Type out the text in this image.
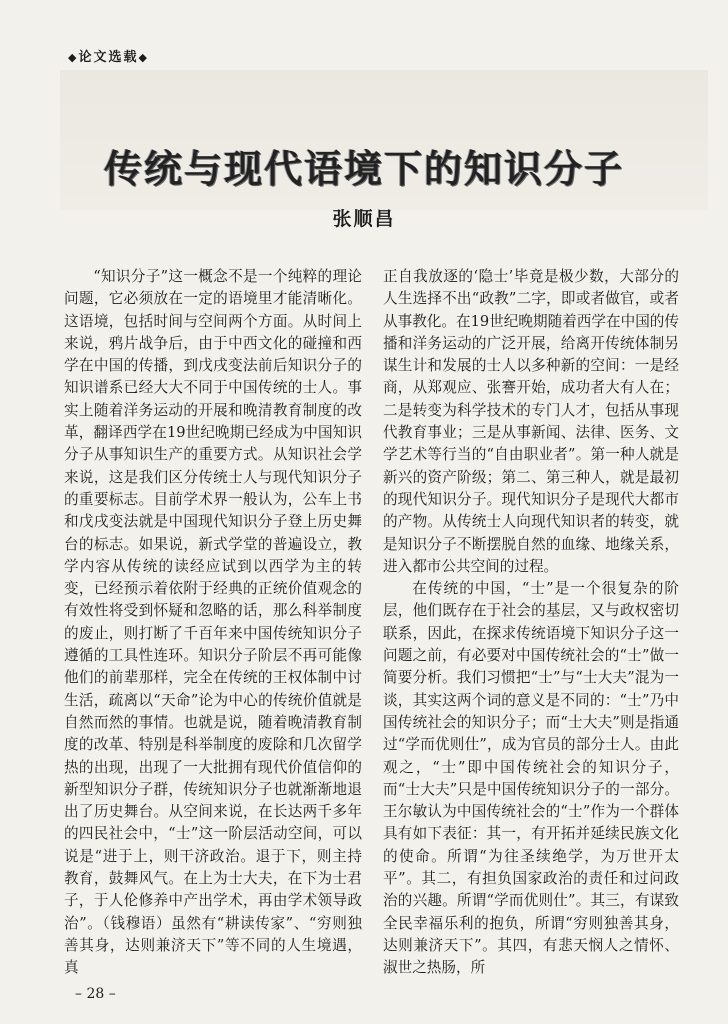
◆论文选载◆
传统与现代语境下的知识分子
张顺昌

“知识分子”这一概念不是一个纯粹的理论问题，它必须放在一定的语境里才能清晰化。这语境，包括时间与空间两个方面。从时间上来说，鸦片战争后，由于中西文化的碰撞和西学在中国的传播，到戊戌变法前后知识分子的知识谱系已经大大不同于中国传统的士人。事实上随着洋务运动的开展和晚清教育制度的改革，翻译西学在19世纪晚期已经成为中国知识分子从事知识生产的重要方式。从知识社会学来说，这是我们区分传统士人与现代知识分子的重要标志。目前学术界一般认为，公车上书和戊戌变法就是中国现代知识分子登上历史舞台的标志。如果说，新式学堂的普遍设立，教学内容从传统的读经应试到以西学为主的转变，已经预示着依附于经典的正统价值观念的有效性将受到怀疑和忽略的话，那么科举制度的废止，则打断了千百年来中国传统知识分子遵循的工具性连环。知识分子阶层不再可能像他们的前辈那样，完全在传统的王权体制中讨生活，疏离以“天命”论为中心的传统价值就是自然而然的事情。也就是说，随着晚清教育制度的改革、特别是科举制度的废除和几次留学热的出现，出现了一大批拥有现代价值信仰的新型知识分子群，传统知识分子也就渐渐地退出了历史舞台。从空间来说，在长达两千多年的四民社会中，“士”这一阶层活动空间，可以说是“进于上，则干济政治。退于下，则主持教育，鼓舞风气。在上为士大夫，在下为士君子，于人伦修养中产出学术，再由学术领导政治”。（钱穆语）虽然有“耕读传家”、“穷则独善其身，达则兼济天下”等不同的人生境遇，真

正自我放逐的‘隐士’毕竟是极少数，大部分的人生选择不出“政教”二字，即或者做官，或者从事教化。在19世纪晚期随着西学在中国的传播和洋务运动的广泛开展，给离开传统体制另谋生计和发展的士人以多种新的空间：一是经商，从郑观应、张謇开始，成功者大有人在；二是转变为科学技术的专门人才，包括从事现代教育事业；三是从事新闻、法律、医务、文学艺术等行当的“自由职业者”。第一种人就是新兴的资产阶级；第二、第三种人，就是最初的现代知识分子。现代知识分子是现代大都市的产物。从传统士人向现代知识者的转变，就是知识分子不断摆脱自然的血缘、地缘关系，进入都市公共空间的过程。

在传统的中国，“士”是一个很复杂的阶层，他们既存在于社会的基层，又与政权密切联系，因此，在探求传统语境下知识分子这一问题之前，有必要对中国传统社会的“士”做一简要分析。我们习惯把“士”与“士大夫”混为一谈，其实这两个词的意义是不同的：“士”乃中国传统社会的知识分子；而“士大夫”则是指通过“学而优则仕”，成为官员的部分士人。由此观之，“士”即中国传统社会的知识分子，而“士大夫”只是中国传统知识分子的一部分。王尔敏认为中国传统社会的“士”作为一个群体具有如下表征：其一，有开拓并延续民族文化的使命。所谓“为往圣续绝学，为万世开太平”。其二，有担负国家政治的责任和过问政治的兴趣。所谓“学而优则仕”。其三，有谋致全民幸福乐利的抱负，所谓“穷则独善其身，达则兼济天下”。其四，有悲天悯人之情怀、淑世之热肠，所

– 28 –
